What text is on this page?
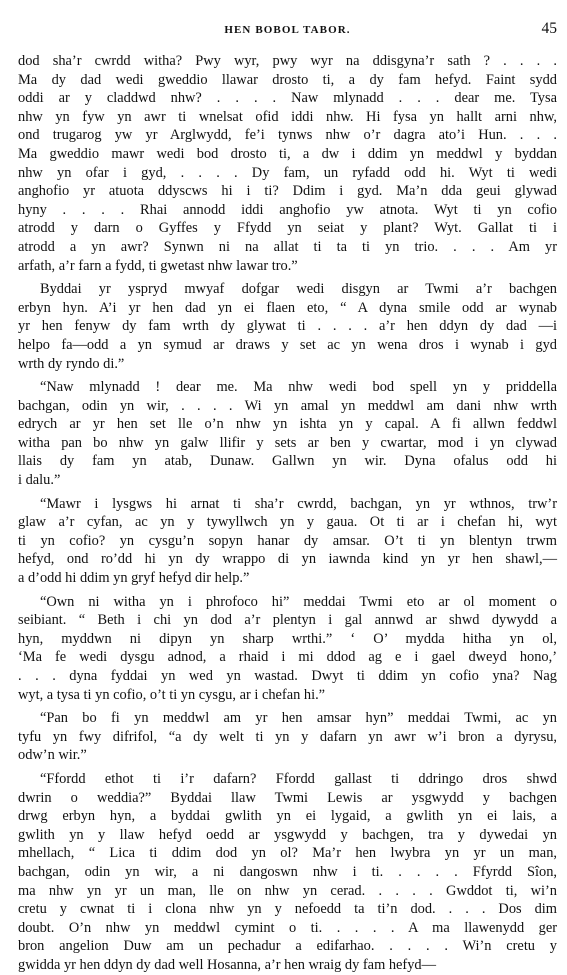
HEN BOBOL TABOR.	45
dod sha’r cwrdd witha? Pwy wyr, pwy wyr na ddisgyna’r sath ? . . . .
Ma dy dad wedi gweddio llawar drosto ti, a dy fam hefyd. Faint sydd
oddi ar y claddwd nhw? . . . . Naw mlynadd . . . dear me. Tysa
nhw yn fyw yn awr ti wnelsat ofid iddi nhw. Hi fysa yn hallt arni nhw,
ond trugarog yw yr Arglwydd, fe’i tynws nhw o’r dagra ato’i Hun. . . .
Ma gweddio mawr wedi bod drosto ti, a dw i ddim yn meddwl y byddan
nhw yn ofar i gyd, . . . . Dy fam, un ryfadd odd hi. Wyt ti wedi
anghofio yr atuota ddyscws hi i ti? Ddim i gyd. Ma’n dda geui glywad
hyny . . . . Rhai annodd iddi anghofio yw atnota. Wyt ti yn cofio
atrodd y darn o Gyffes y Ffydd yn seiat y plant? Wyt. Gallat ti i
atrodd a yn awr? Synwn ni na allat ti ta ti yn trio. . . . Am yr
arfath, a’r farn a fydd, ti gwetast nhw lawar tro.”
Byddai yr yspryd mwyaf dofgar wedi disgyn ar Twmi a’r bachgen
erbyn hyn. A’i yr hen dad yn ei flaen eto, “ A dyna smile odd ar wynab
yr hen fenyw dy fam wrth dy glywat ti . . . . a’r hen ddyn dy dad —i
helpo fa—odd a yn symud ar draws y set ac yn wena dros i wynab i gyd
wrth dy ryndo di.”
“Naw mlynadd ! dear me. Ma nhw wedi bod spell yn y priddella
bachgan, odin yn wir, . . . . Wi yn amal yn meddwl am dani nhw wrth
edrych ar yr hen set lle o’n nhw yn ishta yn y capal. A fi allwn feddwl
witha pan bo nhw yn galw llifir y sets ar ben y cwartar, mod i yn clywad
llais dy fam yn atab, Dunaw. Gallwn yn wir. Dyna ofalus odd hi
i dalu.”
“Mawr i lysgws hi arnat ti sha’r cwrdd, bachgan, yn yr wthnos, trw’r
glaw a’r cyfan, ac yn y tywyllwch yn y gaua. Ot ti ar i chefan hi, wyt
ti yn cofio? yn cysgu’n sopyn hanar dy amsar. O’t ti yn blentyn trwm
hefyd, ond ro’dd hi yn dy wrappo di yn iawnda kind yn yr hen shawl,—
a d’odd hi ddim yn gryf hefyd dir help.”
“Own ni witha yn i phrofoco hi” meddai Twmi eto ar ol moment o
seibiant. “ Beth i chi yn dod a’r plentyn i gal annwd ar shwd dywydd a
hyn, myddwn ni dipyn yn sharp wrthi.” ‘ O’ mydda hitha yn ol,
‘Ma fe wedi dysgu adnod, a rhaid i mi ddod ag e i gael dweyd hono,’
. . . dyna fyddai yn wed yn wastad. Dwyt ti ddim yn cofio yna? Nag
wyt, a tysa ti yn cofio, o’t ti yn cysgu, ar i chefan hi.”
“Pan bo fi yn meddwl am yr hen amsar hyn” meddai Twmi, ac yn
tyfu yn fwy difrifol, “a dy welt ti yn y dafarn yn awr w’i bron a dyrysu,
odw’n wir.”
“Ffordd ethot ti i’r dafarn? Ffordd gallast ti ddringo dros shwd
dwrin o weddia?” Byddai llaw Twmi Lewis ar ysgwydd y bachgen
drwg erbyn hyn, a byddai gwlith yn ei lygaid, a gwlith yn ei lais, a
gwlith yn y llaw hefyd oedd ar ysgwydd y bachgen, tra y dywedai yn
mhellach, “ Lica ti ddim dod yn ol? Ma’r hen lwybra yn yr un man,
bachgan, odin yn wir, a ni dangoswn nhw i ti. . . . . Ffyrdd Sîon,
ma nhw yn yr un man, lle on nhw yn cerad. . . . . Gwddot ti, wi’n
cretu y cwnat ti i clona nhw yn y nefoedd ta ti’n dod. . . . Dos dim
doubt. O’n nhw yn meddwl cymint o ti. . . . . A ma llawenydd ger
bron angelion Duw am un pechadur a edifarhao. . . . . Wi’n cretu y
gwidda yr hen ddyn dy dad well Hosanna, a’r hen wraig dy fam hefyd—
